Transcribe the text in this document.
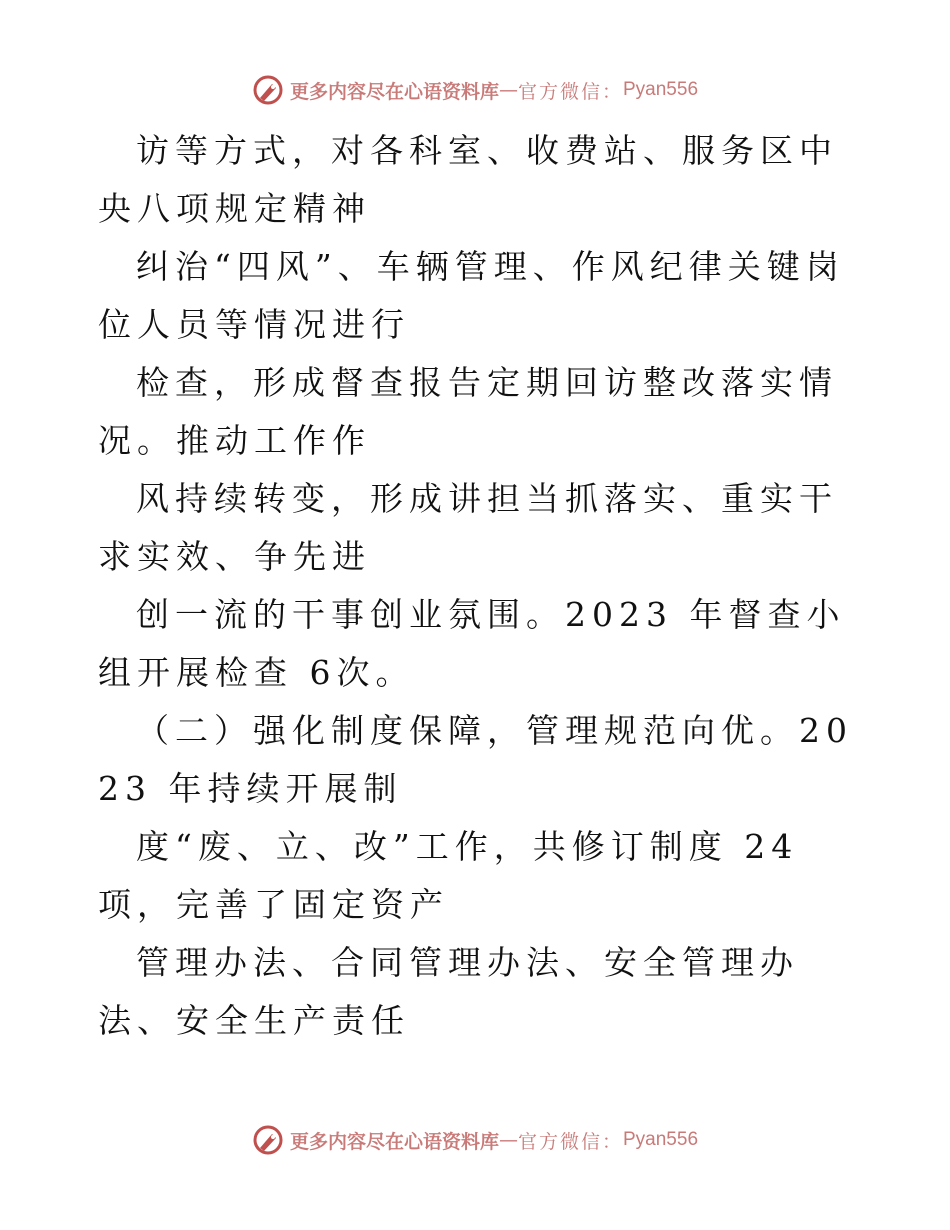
更多内容尽在心语资料库 — 官方微信： Pyan556

访等方式，对各科室、收费站、服务区中央八项规定精神

纠治“四风”、车辆管理、作风纪律关键岗位人员等情况进行

检查，形成督查报告定期回访整改落实情况。推动工作作

风持续转变，形成讲担当抓落实、重实干求实效、争先进

创一流的干事创业氛围。2023 年督查小组开展检查 6次。

（二）强化制度保障，管理规范向优。2023 年持续开展制

度“废、立、改”工作，共修订制度 24 项，完善了固定资产

管理办法、合同管理办法、安全管理办法、安全生产责任

更多内容尽在心语资料库 — 官方微信： Pyan556
